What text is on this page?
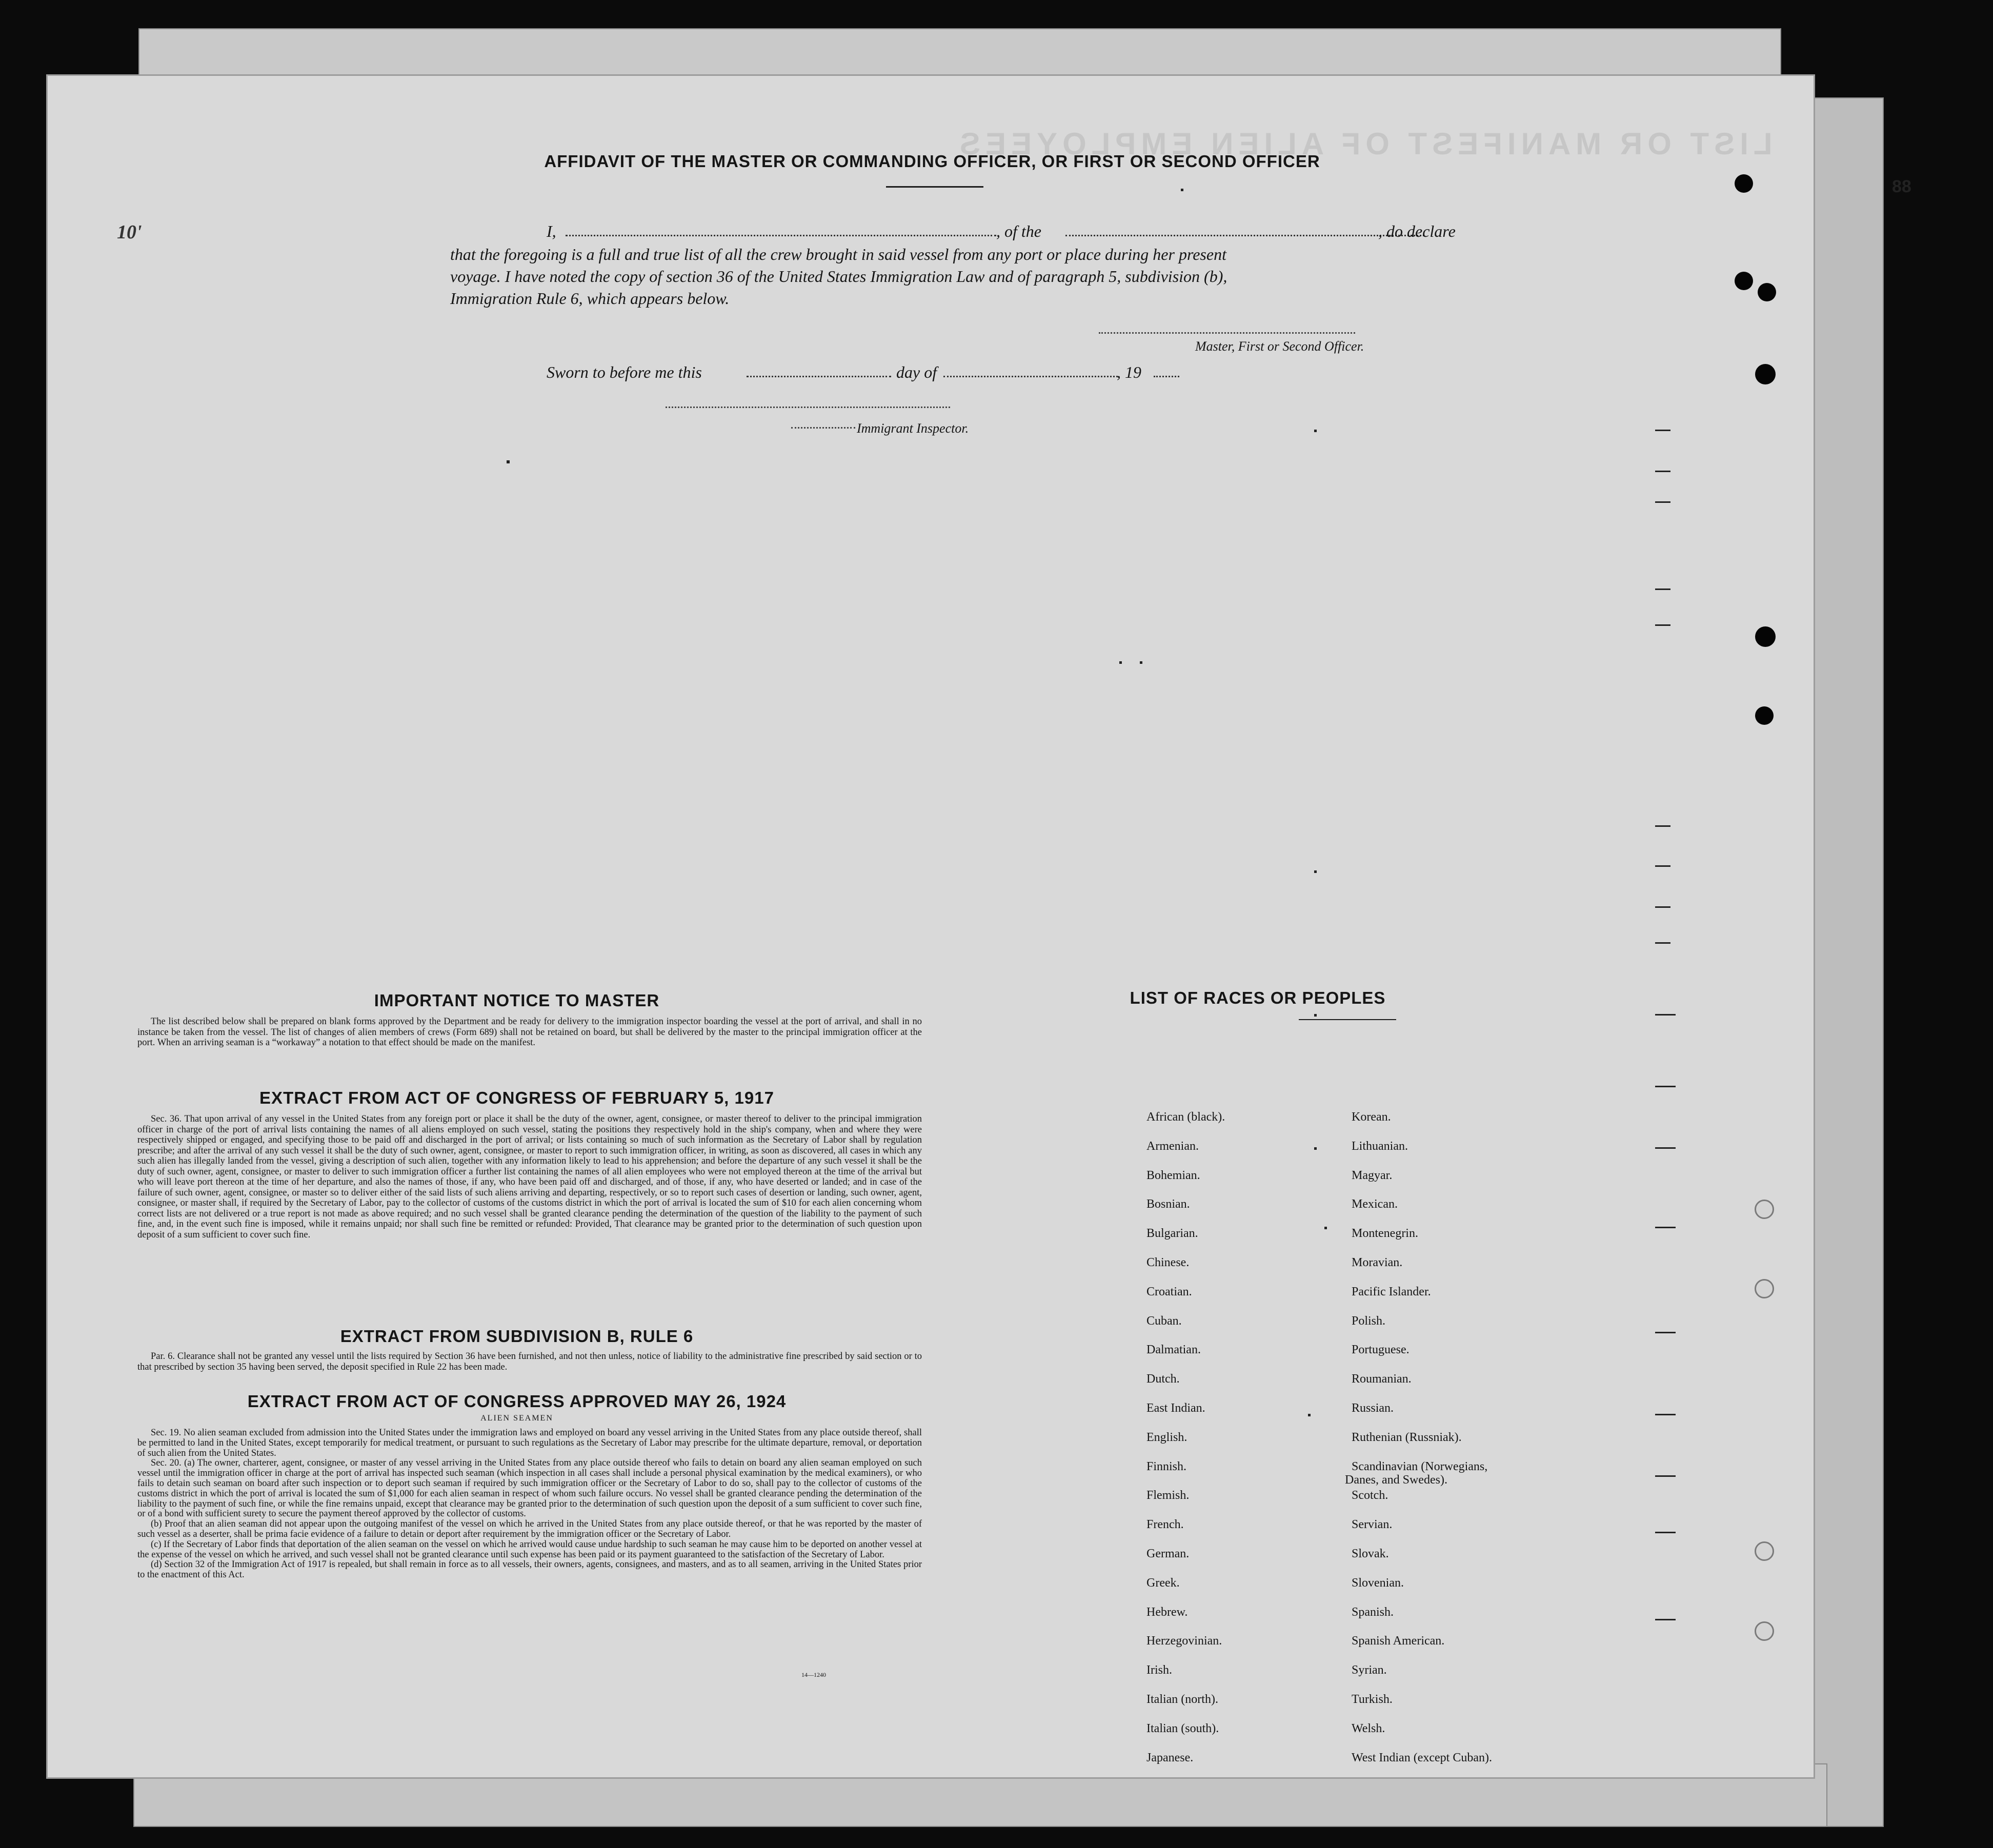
88
LIST OR MANIFEST OF ALIEN EMPLOYEES
AFFIDAVIT OF THE MASTER OR COMMANDING OFFICER, OR FIRST OR SECOND OFFICER
10'	I,	, of the	, do declare
that the foregoing is a full and true list of all the crew brought in said vessel from any port or place during her present
voyage. I have noted the copy of section 36 of the United States Immigration Law and of paragraph 5, subdivision (b),
Immigration Rule 6, which appears below.
Master, First or Second Officer.
Sworn to before me this	day of	, 19
Immigrant Inspector.
IMPORTANT NOTICE TO MASTER

The list described below shall be prepared on blank forms approved by the Department and be ready for delivery to the immigration inspector boarding the vessel at the port of arrival, and shall in no instance be taken from the vessel. The list of changes of alien members of crews (Form 689) shall not be retained on board, but shall be delivered by the master to the principal immigration officer at the port. When an arriving seaman is a “workaway” a notation to that effect should be made on the manifest.

EXTRACT FROM ACT OF CONGRESS OF FEBRUARY 5, 1917

Sec. 36. That upon arrival of any vessel in the United States from any foreign port or place it shall be the duty of the owner, agent, consignee, or master thereof to deliver to the principal immigration officer in charge of the port of arrival lists containing the names of all aliens employed on such vessel, stating the positions they respectively hold in the ship's company, when and where they were respectively shipped or engaged, and specifying those to be paid off and discharged in the port of arrival; or lists containing so much of such information as the Secretary of Labor shall by regulation prescribe; and after the arrival of any such vessel it shall be the duty of such owner, agent, consignee, or master to report to such immigration officer, in writing, as soon as discovered, all cases in which any such alien has illegally landed from the vessel, giving a description of such alien, together with any information likely to lead to his apprehension; and before the departure of any such vessel it shall be the duty of such owner, agent, consignee, or master to deliver to such immigration officer a further list containing the names of all alien employees who were not employed thereon at the time of the arrival but who will leave port thereon at the time of her departure, and also the names of those, if any, who have been paid off and discharged, and of those, if any, who have deserted or landed; and in case of the failure of such owner, agent, consignee, or master so to deliver either of the said lists of such aliens arriving and departing, respectively, or so to report such cases of desertion or landing, such owner, agent, consignee, or master shall, if required by the Secretary of Labor, pay to the collector of customs of the customs district in which the port of arrival is located the sum of $10 for each alien concerning whom correct lists are not delivered or a true report is not made as above required; and no such vessel shall be granted clearance pending the determination of the question of the liability to the payment of such fine, and, in the event such fine is imposed, while it remains unpaid; nor shall such fine be remitted or refunded: Provided, That clearance may be granted prior to the determination of such question upon deposit of a sum sufficient to cover such fine.

EXTRACT FROM SUBDIVISION B, RULE 6

Par. 6. Clearance shall not be granted any vessel until the lists required by Section 36 have been furnished, and not then unless, notice of liability to the administrative fine prescribed by said section or to that prescribed by section 35 having been served, the deposit specified in Rule 22 has been made.

EXTRACT FROM ACT OF CONGRESS APPROVED MAY 26, 1924
ALIEN SEAMEN

Sec. 19. No alien seaman excluded from admission into the United States under the immigration laws and employed on board any vessel arriving in the United States from any place outside thereof, shall be permitted to land in the United States, except temporarily for medical treatment, or pursuant to such regulations as the Secretary of Labor may prescribe for the ultimate departure, removal, or deportation of such alien from the United States.

Sec. 20. (a) The owner, charterer, agent, consignee, or master of any vessel arriving in the United States from any place outside thereof who fails to detain on board any alien seaman employed on such vessel until the immigration officer in charge at the port of arrival has inspected such seaman (which inspection in all cases shall include a personal physical examination by the medical examiners), or who fails to detain such seaman on board after such inspection or to deport such seaman if required by such immigration officer or the Secretary of Labor to do so, shall pay to the collector of customs of the customs district in which the port of arrival is located the sum of $1,000 for each alien seaman in respect of whom such failure occurs. No vessel shall be granted clearance pending the determination of the liability to the payment of such fine, or while the fine remains unpaid, except that clearance may be granted prior to the determination of such question upon the deposit of a sum sufficient to cover such fine, or of a bond with sufficient surety to secure the payment thereof approved by the collector of customs.

(b) Proof that an alien seaman did not appear upon the outgoing manifest of the vessel on which he arrived in the United States from any place outside thereof, or that he was reported by the master of such vessel as a deserter, shall be prima facie evidence of a failure to detain or deport after requirement by the immigration officer or the Secretary of Labor.

(c) If the Secretary of Labor finds that deportation of the alien seaman on the vessel on which he arrived would cause undue hardship to such seaman he may cause him to be deported on another vessel at the expense of the vessel on which he arrived, and such vessel shall not be granted clearance until such expense has been paid or its payment guaranteed to the satisfaction of the Secretary of Labor.

(d) Section 32 of the Immigration Act of 1917 is repealed, but shall remain in force as to all vessels, their owners, agents, consignees, and masters, and as to all seamen, arriving in the United States prior to the enactment of this Act.

14—1240
LIST OF RACES OR PEOPLES
African (black).
Armenian.
Bohemian.
Bosnian.
Bulgarian.
Chinese.
Croatian.
Cuban.
Dalmatian.
Dutch.
East Indian.
English.
Finnish.
Flemish.
French.
German.
Greek.
Hebrew.
Herzegovinian.
Irish.
Italian (north).
Italian (south).
Japanese.
Korean.
Lithuanian.
Magyar.
Mexican.
Montenegrin.
Moravian.
Pacific Islander.
Polish.
Portuguese.
Roumanian.
Russian.
Ruthenian (Russniak).
Scandinavian (Norwegians,
Danes, and Swedes).
Scotch.
Servian.
Slovak.
Slovenian.
Spanish.
Spanish American.
Syrian.
Turkish.
Welsh.
West Indian (except Cuban).
